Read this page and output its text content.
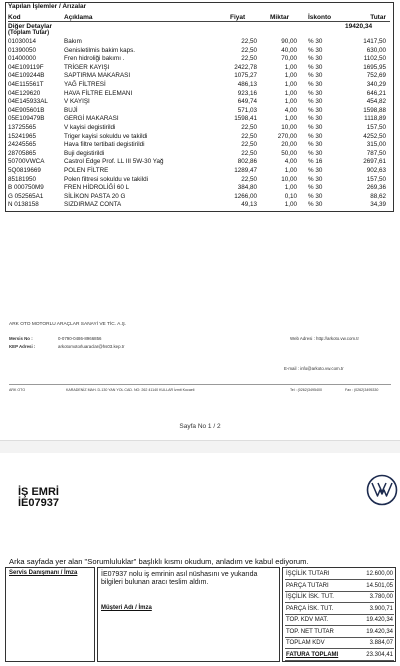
Yapılan İşlemler / Arızalar
Kod	Açıklama	Fiyat	Miktar	İskonto	Tutar
Diğer Detaylar
(Toplam Tutar)
19420,34
01030014	Bakım	22,50	90,00 % 30	1417,50
01390050	Genisletilmis bakim kaps.	22,50	40,00 % 30	630,00
01400000	Fren hidroliği bakımı .	22,50	70,00 % 30	1102,50
04E109119F	TRİGER KAYIŞI	2422,78	1,00 % 30	1695,95
04E109244B	SAPTIRMA MAKARASI	1075,27	1,00 % 30	752,69
04E115561T	YAĞ FİLTRESİ	486,13	1,00 % 30	340,29
04E129620	HAVA FİLTRE ELEMANI	923,16	1,00 % 30	646,21
04E145933AL	V KAYIŞI	649,74	1,00 % 30	454,82
04E905601B	BUJİ	571,03	4,00 % 30	1598,88
05E109479B	GERGİ MAKARASI	1598,41	1,00 % 30	1118,89
13725565	V kayisi degistirildi	22,50	10,00 % 30	157,50
15241965	Triger kayisi sokuldu ve takildi	22,50	270,00 % 30	4252,50
24245565	Hava filtre tertibati degistirildi	22,50	20,00 % 30	315,00
28705865	Buji degistirildi	22,50	50,00 % 30	787,50
50700VWCA	Castrol Edge Prof. LL III 5W-30 Yağ	802,86	4,00 % 16	2697,61
5Q0819669	POLEN FİLTRE	1289,47	1,00 % 30	902,63
85181950	Polen filtresi sokuldu ve takildi	22,50	10,00 % 30	157,50
B 000750M9	FREN HİDROLİĞİ 60 L	384,80	1,00 % 30	269,36
G 052565A1	SİLİKON PASTA 20 G	1266,00	0,10 % 30	88,62
N 0138158	SIZDIRMAZ CONTA	49,13	1,00 % 30	34,39
ARK OTO MOTORLU ARAÇLAR SANAYİ VE TİC. A.Ş.
Mersis No :	0-0790-0486-8966856
KEP Adresi :	arkotomotorluaraclar@hs03.kep.tr
Web Adresi : http://arkoto.vw.com.tr
E-mail : info@arkoto.vw.com.tr
ARK OTO	KARADENİZ MAH. D-130 YAN YOL CAD. NO: 262 41140 KULLAR İzmit Kocaeli	Tel : (0262)3495400	Fax : (0262)3495330
Sayfa No 1 / 2
İŞ EMRİ
İE07937
Arka sayfada yer alan "Sorumluluklar" başlıklı kısmı okudum, anladım ve kabul ediyorum.
Servis Danışmanı / İmza	İE07937 nolu iş emrinin asıl nüshasını ve yukarıda bilgileri bulunan aracı teslim aldım.
Müşteri Adı / İmza
İŞÇİLİK TUTARI	12.600,00
PARÇA TUTARI	14.501,05
İŞÇİLİK İSK. TUT.	3.780,00
PARÇA İSK. TUT.	3.900,71
TOP. KDV MAT.	19.420,34
TOP. NET TUTAR	19.420,34
TOPLAM KDV	3.884,07
FATURA TOPLAMI	23.304,41
